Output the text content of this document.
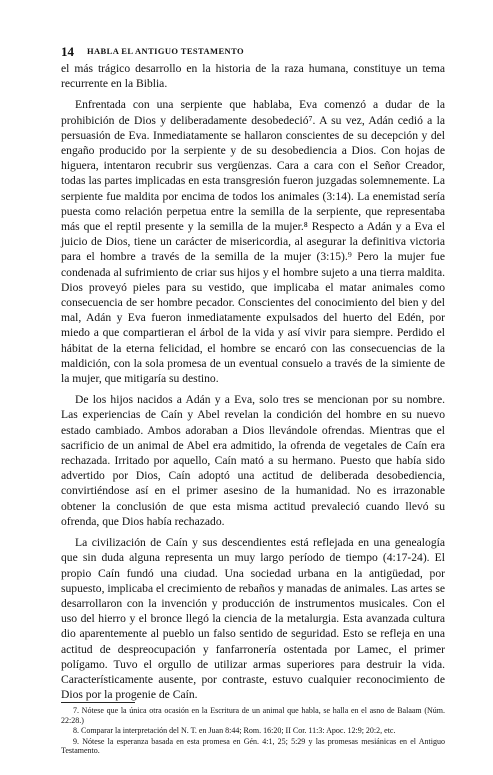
14 HABLA EL ANTIGUO TESTAMENTO

el más trágico desarrollo en la historia de la raza humana, constituye un tema recurrente en la Biblia.

Enfrentada con una serpiente que hablaba, Eva comenzó a dudar de la prohibición de Dios y deliberadamente desobedeció⁷. A su vez, Adán cedió a la persuasión de Eva. Inmediatamente se hallaron conscientes de su decepción y del engaño producido por la serpiente y de su desobediencia a Dios. Con hojas de higuera, intentaron recubrir sus vergüenzas. Cara a cara con el Señor Creador, todas las partes implicadas en esta transgresión fueron juzgadas solemnemente. La serpiente fue maldita por encima de todos los animales (3:14). La enemistad sería puesta como relación perpetua entre la semilla de la serpiente, que representaba más que el reptil presente y la semilla de la mujer.⁸ Respecto a Adán y a Eva el juicio de Dios, tiene un carácter de misericordia, al asegurar la definitiva victoria para el hombre a través de la semilla de la mujer (3:15).⁹ Pero la mujer fue condenada al sufrimiento de criar sus hijos y el hombre sujeto a una tierra maldita. Dios proveyó pieles para su vestido, que implicaba el matar animales como consecuencia de ser hombre pecador. Conscientes del conocimiento del bien y del mal, Adán y Eva fueron inmediatamente expulsados del huerto del Edén, por miedo a que compartieran el árbol de la vida y así vivir para siempre. Perdido el hábitat de la eterna felicidad, el hombre se encaró con las consecuencias de la maldición, con la sola promesa de un eventual consuelo a través de la simiente de la mujer, que mitigaría su destino.

De los hijos nacidos a Adán y a Eva, solo tres se mencionan por su nombre. Las experiencias de Caín y Abel revelan la condición del hombre en su nuevo estado cambiado. Ambos adoraban a Dios llevándole ofrendas. Mientras que el sacrificio de un animal de Abel era admitido, la ofrenda de vegetales de Caín era rechazada. Irritado por aquello, Caín mató a su hermano. Puesto que había sido advertido por Dios, Caín adoptó una actitud de deliberada desobediencia, convirtiéndose así en el primer asesino de la humanidad. No es irrazonable obtener la conclusión de que esta misma actitud prevaleció cuando llevó su ofrenda, que Dios había rechazado.

La civilización de Caín y sus descendientes está reflejada en una genealogía que sin duda alguna representa un muy largo período de tiempo (4:17-24). El propio Caín fundó una ciudad. Una sociedad urbana en la antigüedad, por supuesto, implicaba el crecimiento de rebaños y manadas de animales. Las artes se desarrollaron con la invención y producción de instrumentos musicales. Con el uso del hierro y el bronce llegó la ciencia de la metalurgia. Esta avanzada cultura dio aparentemente al pueblo un falso sentido de seguridad. Esto se refleja en una actitud de despreocupación y fanfarronería ostentada por Lamec, el primer polígamo. Tuvo el orgullo de utilizar armas superiores para destruir la vida. Característicamente ausente, por contraste, estuvo cualquier reconocimiento de Dios por la progenie de Caín.

7. Nótese que la única otra ocasión en la Escritura de un animal que habla, se halla en el asno de Balaam (Núm. 22:28.)

8. Comparar la interpretación del N. T. en Juan 8:44; Rom. 16:20; II Cor. 11:3: Apoc. 12:9; 20:2, etc.

9. Nótese la esperanza basada en esta promesa en Gén. 4:1, 25; 5:29 y las promesas mesiánicas en el Antiguo Testamento.
